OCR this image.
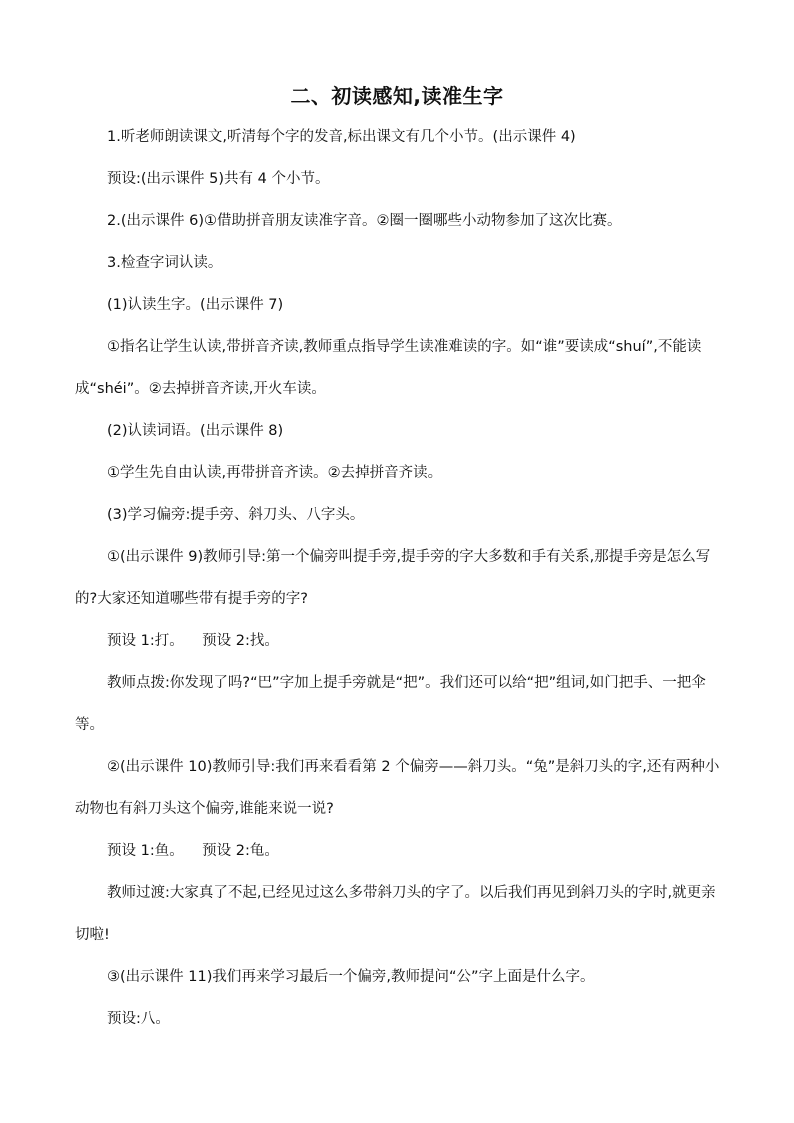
二、初读感知,读准生字
1.听老师朗读课文,听清每个字的发音,标出课文有几个小节。(出示课件 4)
预设:(出示课件 5)共有 4 个小节。
2.(出示课件 6)①借助拼音朋友读准字音。②圈一圈哪些小动物参加了这次比赛。
3.检查字词认读。
(1)认读生字。(出示课件 7)
①指名让学生认读,带拼音齐读,教师重点指导学生读准难读的字。如“谁”要读成“shuí”,不能读成“shéi”。②去掉拼音齐读,开火车读。
(2)认读词语。(出示课件 8)
①学生先自由认读,再带拼音齐读。②去掉拼音齐读。
(3)学习偏旁:提手旁、斜刀头、八字头。
①(出示课件 9)教师引导:第一个偏旁叫提手旁,提手旁的字大多数和手有关系,那提手旁是怎么写的?大家还知道哪些带有提手旁的字?
预设 1:打。    预设 2:找。
教师点拨:你发现了吗?“巴”字加上提手旁就是“把”。我们还可以给“把”组词,如门把手、一把伞等。
②(出示课件 10)教师引导:我们再来看看第 2 个偏旁——斜刀头。“兔”是斜刀头的字,还有两种小动物也有斜刀头这个偏旁,谁能来说一说?
预设 1:鱼。    预设 2:龟。
教师过渡:大家真了不起,已经见过这么多带斜刀头的字了。以后我们再见到斜刀头的字时,就更亲切啦!
③(出示课件 11)我们再来学习最后一个偏旁,教师提问“公”字上面是什么字。
预设:八。
